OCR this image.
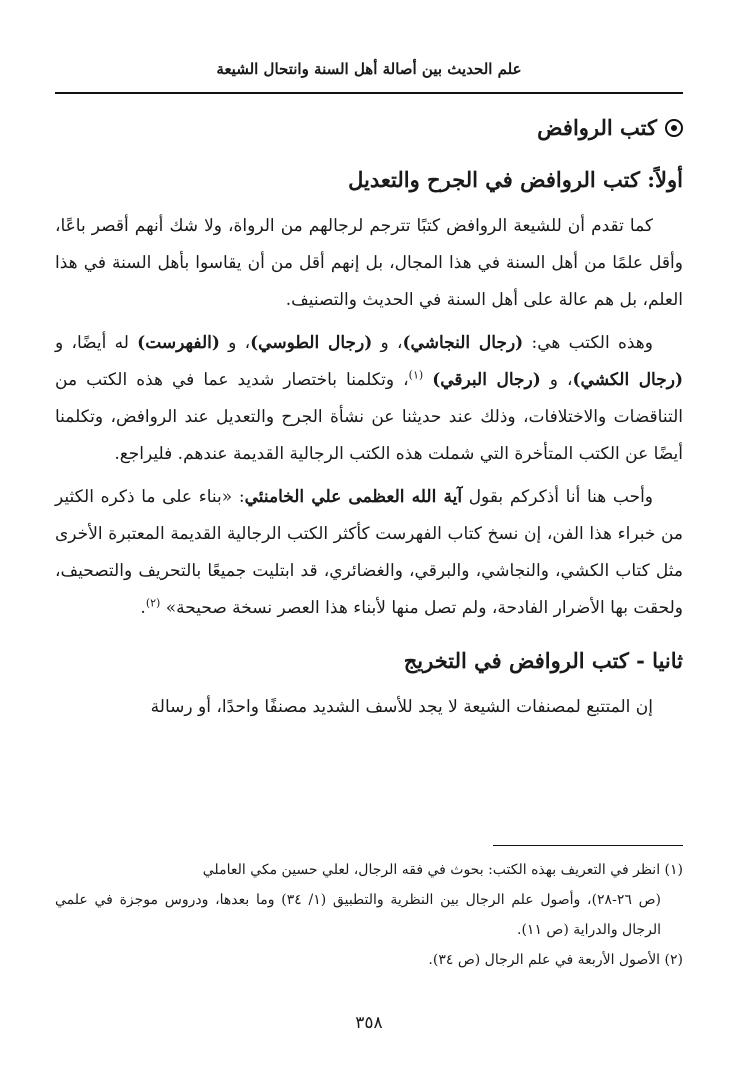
علم الحديث بين أصالة أهل السنة وانتحال الشيعة
كتب الروافض
أولاً: كتب الروافض في الجرح والتعديل

كما تقدم أن للشيعة الروافض كتبًا تترجم لرجالهم من الرواة، ولا شك أنهم أقصر باعًا، وأقل علمًا من أهل السنة في هذا المجال، بل إنهم أقل من أن يقاسوا بأهل السنة في هذا العلم، بل هم عالة على أهل السنة في الحديث والتصنيف.

وهذه الكتب هي: (رجال النجاشي)، و (رجال الطوسي)، و (الفهرست) له أيضًا، و (رجال الكشي)، و (رجال البرقي) $^{(١)}$، وتكلمنا باختصار شديد عما في هذه الكتب من التناقضات والاختلافات، وذلك عند حديثنا عن نشأة الجرح والتعديل عند الروافض، وتكلمنا أيضًا عن الكتب المتأخرة التي شملت هذه الكتب الرجالية القديمة عندهم. فليراجع.

وأحب هنا أنا أذكركم بقول آية الله العظمى علي الخامنئي: «بناء على ما ذكره الكثير من خبراء هذا الفن، إن نسخ كتاب الفهرست كأكثر الكتب الرجالية القديمة المعتبرة الأخرى مثل كتاب الكشي، والنجاشي، والبرقي، والغضائري، قد ابتليت جميعًا بالتحريف والتصحيف، ولحقت بها الأضرار الفادحة، ولم تصل منها لأبناء هذا العصر نسخة صحيحة» $^{(٢)}$.

ثانيا - كتب الروافض في التخريج

إن المتتبع لمصنفات الشيعة لا يجد للأسف الشديد مصنفًا واحدًا، أو رسالة

(١) انظر في التعريف بهذه الكتب: بحوث في فقه الرجال، لعلي حسين مكي العاملي
(ص ٢٦-٢٨)، وأصول علم الرجال بين النظرية والتطبيق (١/ ٣٤) وما بعدها، ودروس موجزة في علمي الرجال والدراية (ص ١١).

(٢) الأصول الأربعة في علم الرجال (ص ٣٤).

٣٥٨
